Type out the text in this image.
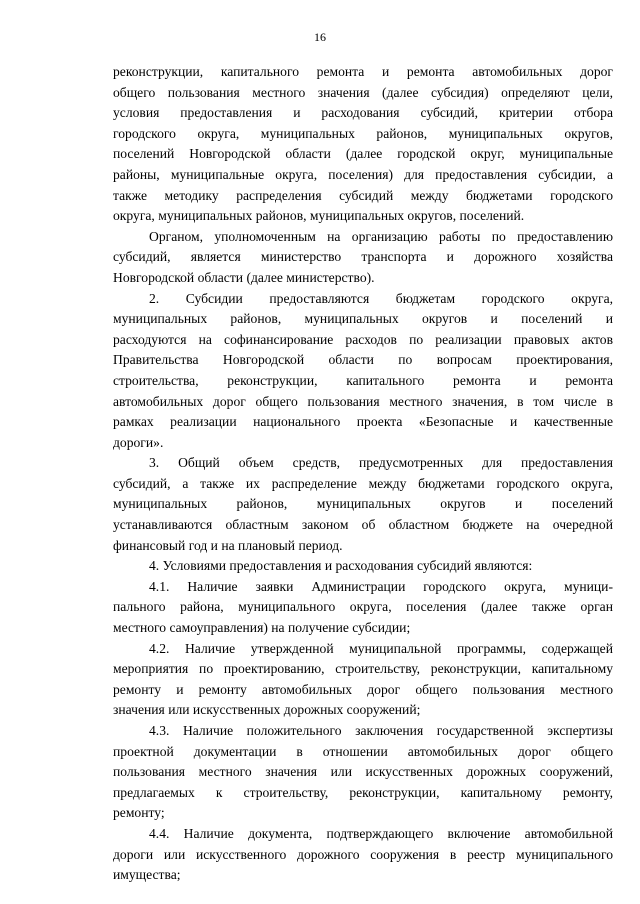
16
реконструкции, капитального ремонта и ремонта автомобильных дорог
общего пользования местного значения (далее субсидия) определяют цели,
условия предоставления и расходования субсидий, критерии отбора
городского округа, муниципальных районов, муниципальных округов,
поселений Новгородской области (далее городской округ, муниципальные
районы, муниципальные округа, поселения) для предоставления субсидии, а
также методику распределения субсидий между бюджетами городского
округа, муниципальных районов, муниципальных округов, поселений.
Органом, уполномоченным на организацию работы по предоставлению
субсидий, является министерство транспорта и дорожного хозяйства
Новгородской области (далее министерство).
2. Субсидии предоставляются бюджетам городского округа,
муниципальных районов, муниципальных округов и поселений и
расходуются на софинансирование расходов по реализации правовых актов
Правительства Новгородской области по вопросам проектирования,
строительства, реконструкции, капитального ремонта и ремонта
автомобильных дорог общего пользования местного значения, в том числе в
рамках реализации национального проекта «Безопасные и качественные
дороги».
3. Общий объем средств, предусмотренных для предоставления
субсидий, а также их распределение между бюджетами городского округа,
муниципальных районов, муниципальных округов и поселений
устанавливаются областным законом об областном бюджете на очередной
финансовый год и на плановый период.
4. Условиями предоставления и расходования субсидий являются:
4.1. Наличие заявки Администрации городского округа, муници-
пального района, муниципального округа, поселения (далее также орган
местного самоуправления) на получение субсидии;
4.2. Наличие утвержденной муниципальной программы, содержащей
мероприятия по проектированию, строительству, реконструкции, капитальному
ремонту и ремонту автомобильных дорог общего пользования местного
значения или искусственных дорожных сооружений;
4.3. Наличие положительного заключения государственной экспертизы
проектной документации в отношении автомобильных дорог общего
пользования местного значения или искусственных дорожных сооружений,
предлагаемых к строительству, реконструкции, капитальному ремонту,
ремонту;
4.4. Наличие документа, подтверждающего включение автомобильной
дороги или искусственного дорожного сооружения в реестр муниципального
имущества;
